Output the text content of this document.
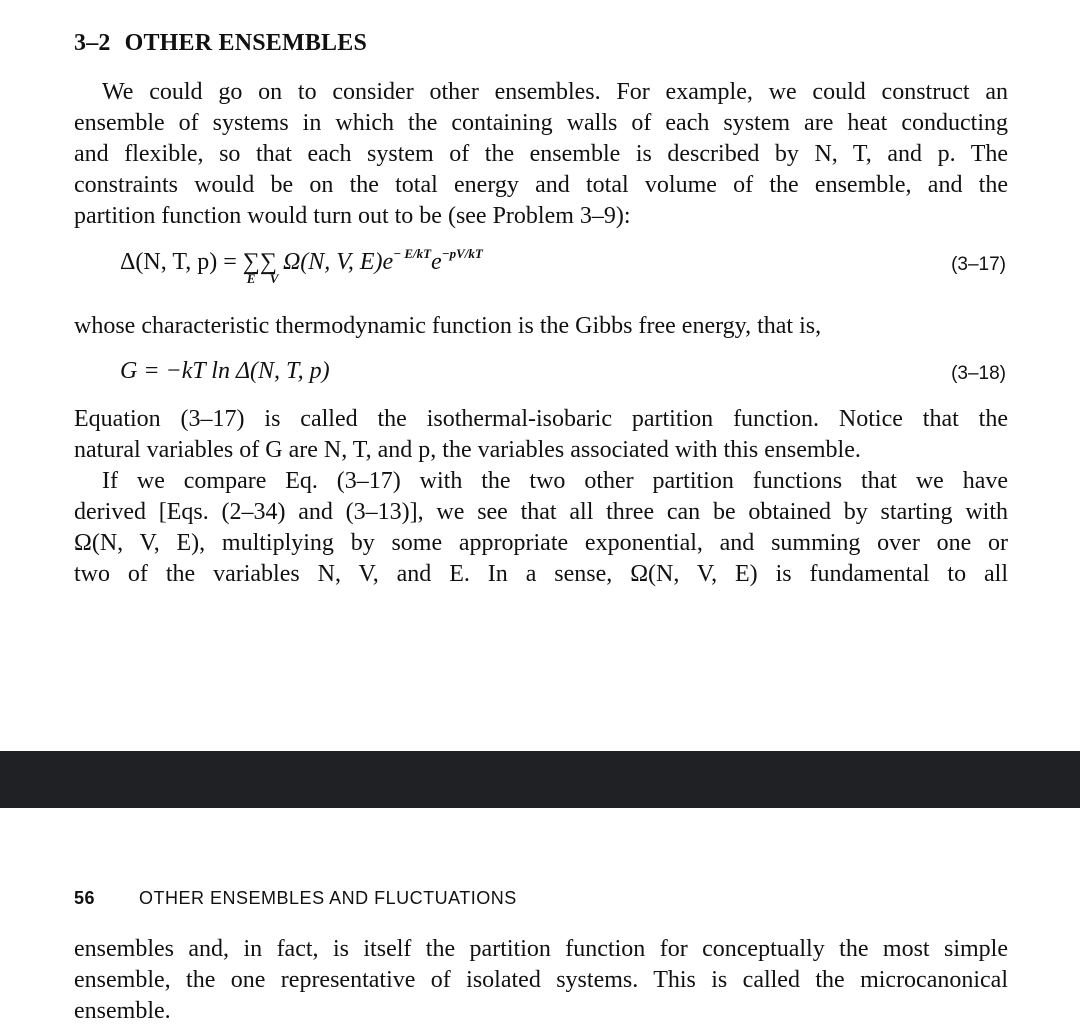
3–2 OTHER ENSEMBLES
We could go on to consider other ensembles. For example, we could construct an
ensemble of systems in which the containing walls of each system are heat conducting
and flexible, so that each system of the ensemble is described by N, T, and p. The
constraints would be on the total energy and total volume of the ensemble, and the
partition function would turn out to be (see Problem 3–9):
Δ(N, T, p) = ∑∑
E V
Ω(N, V, $E)e^{- E/kT}e^{-pV/kT}$
(3–17)
whose characteristic thermodynamic function is the Gibbs free energy, that is,
G = −kT ln Δ(N, T, p)	(3–18)
Equation (3–17) is called the isothermal-isobaric partition function. Notice that the
natural variables of G are N, T, and p, the variables associated with this ensemble.
If we compare Eq. (3–17) with the two other partition functions that we have
derived [Eqs. (2–34) and (3–13)], we see that all three can be obtained by starting with
Ω(N, V, E), multiplying by some appropriate exponential, and summing over one or
two of the variables N, V, and E. In a sense, Ω(N, V, E) is fundamental to all
56 OTHER ENSEMBLES AND FLUCTUATIONS
ensembles and, in fact, is itself the partition function for conceptually the most simple
ensemble, the one representative of isolated systems. This is called the microcanonical
ensemble.
